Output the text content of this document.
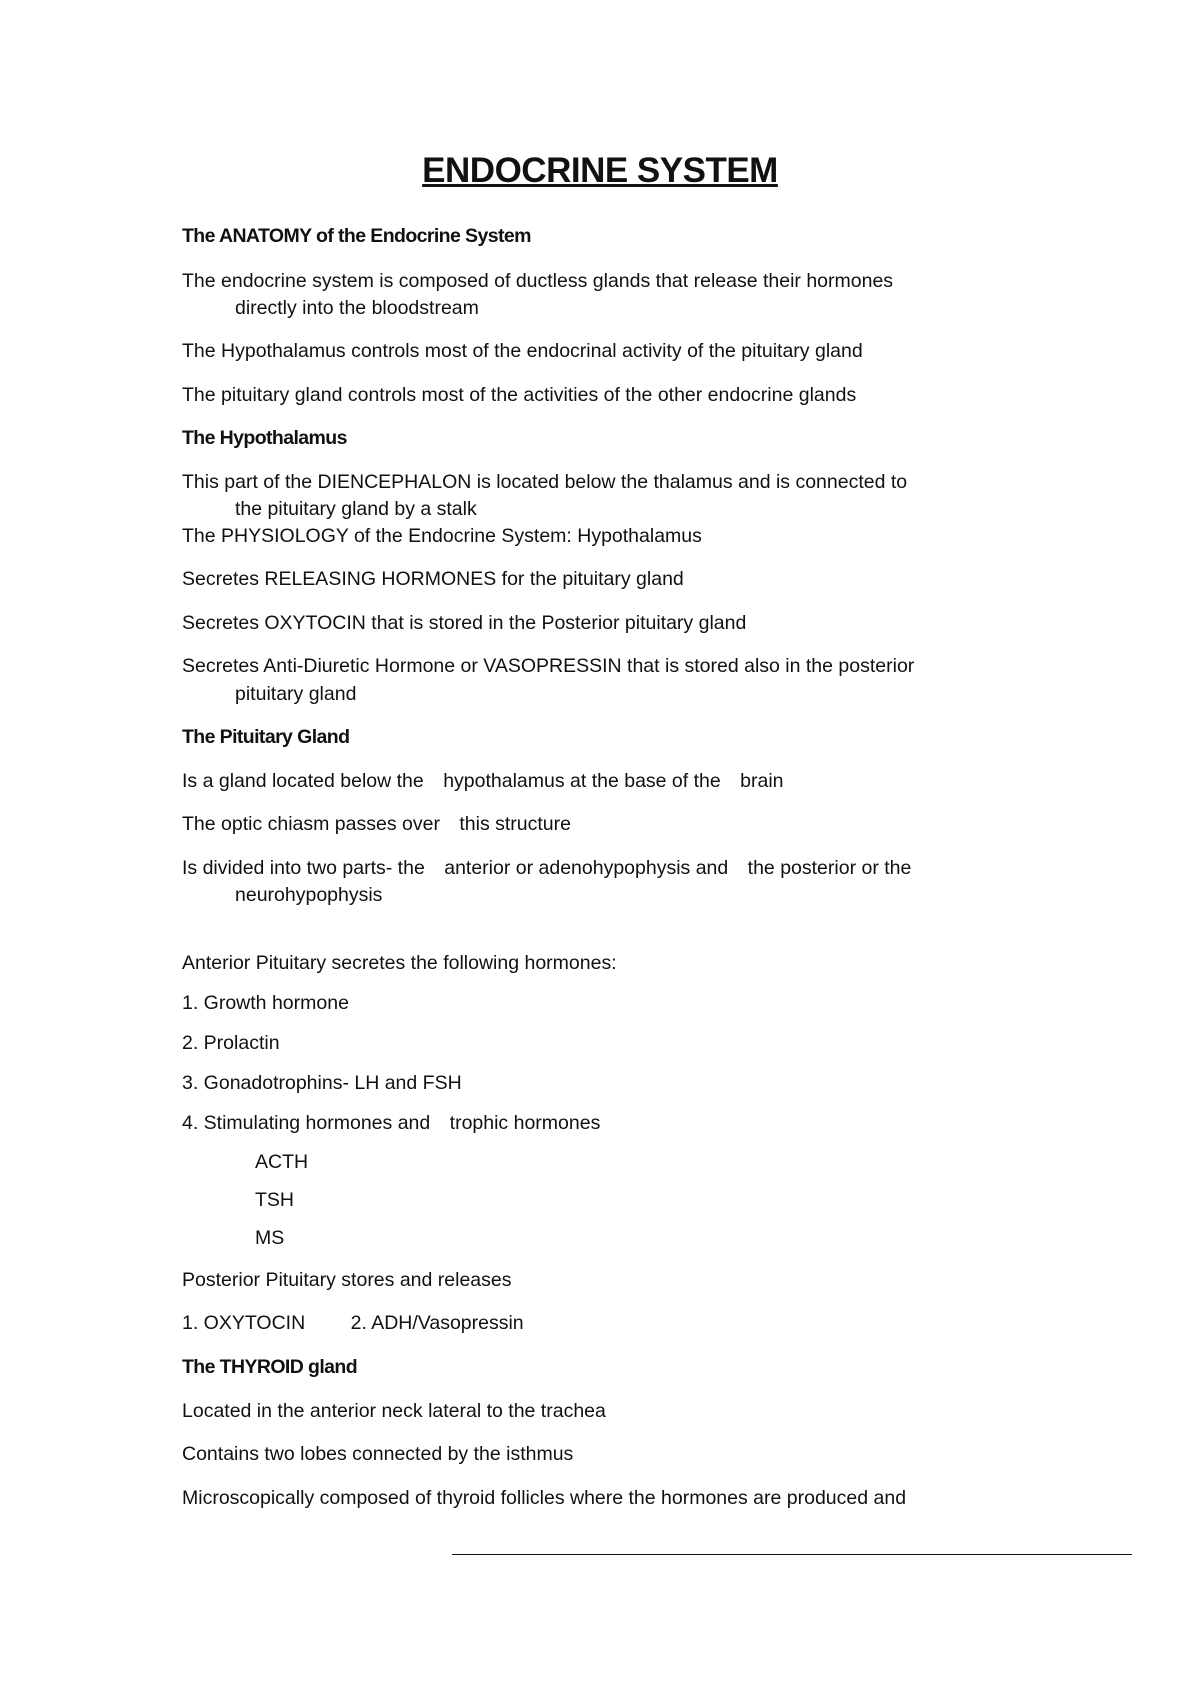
ENDOCRINE SYSTEM
The ANATOMY of the Endocrine System
The endocrine system is composed of ductless glands that release their hormones
directly into the bloodstream
The Hypothalamus controls most of the endocrinal activity of the pituitary gland
The pituitary gland controls most of the activities of the other endocrine glands
The Hypothalamus
This part of the DIENCEPHALON is located below the thalamus and is connected to
the pituitary gland by a stalk
The PHYSIOLOGY of the Endocrine System: Hypothalamus
Secretes RELEASING HORMONES for the pituitary gland
Secretes OXYTOCIN that is stored in the Posterior pituitary gland
Secretes Anti-Diuretic Hormone or VASOPRESSIN that is stored also in the posterior
pituitary gland
The Pituitary Gland
Is a gland located below the hypothalamus at the base of the brain
The optic chiasm passes over this structure
Is divided into two parts- the anterior or adenohypophysis and the posterior or the
neurohypophysis
Anterior Pituitary secretes the following hormones:
1. Growth hormone
2. Prolactin
3. Gonadotrophins- LH and FSH
4. Stimulating hormones and trophic hormones
ACTH
TSH
MS
Posterior Pituitary stores and releases
1. OXYTOCIN 2. ADH/Vasopressin
The THYROID gland
Located in the anterior neck lateral to the trachea
Contains two lobes connected by the isthmus
Microscopically composed of thyroid follicles where the hormones are produced and
